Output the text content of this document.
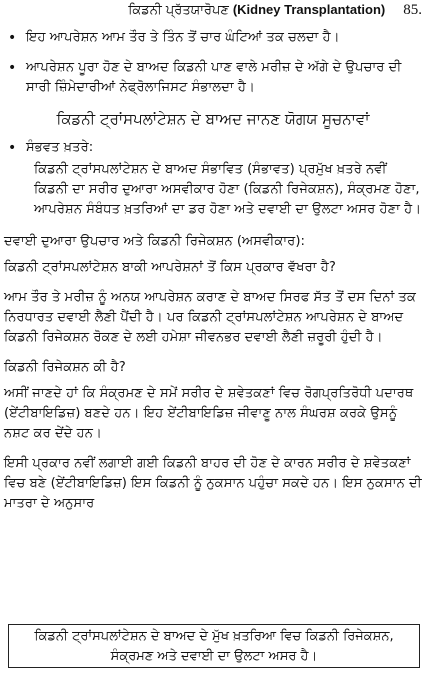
ਕਿਡਨੀ ਪ੍ਰੱਤਯਾਰੋਪਣ (Kidney Transplantation) 85.
• ਇਹ ਆਪਰੇਸ਼ਨ ਆਮ ਤੌਰ ਤੇ ਤਿੰਨ ਤੋਂ ਚਾਰ ਘੰਟਿਆਂ ਤਕ ਚਲਦਾ ਹੈ।
• ਆਪਰੇਸ਼ਨ ਪੂਰਾ ਹੋਣ ਦੇ ਬਾਅਦ ਕਿਡਨੀ ਪਾਣ ਵਾਲੇ ਮਰੀਜ਼ ਦੇ ਅੱਗੇ ਦੇ ਉਪਚਾਰ ਦੀ ਸਾਰੀ ਜ਼ਿੰਮੇਦਾਰੀਆਂ ਨੇਫ੍ਰੋਲਾਜਿਸਟ ਸੰਭਾਲਦਾ ਹੈ।
ਕਿਡਨੀ ਟ੍ਰਾਂਸਪਲਾਂਟੇਸ਼ਨ ਦੇ ਬਾਅਦ ਜਾਨਣ ਯੋਗਯ ਸੂਚਨਾਵਾਂ
• ਸੰਭਵਤ ਖ਼ਤਰੇ:
ਕਿਡਨੀ ਟ੍ਰਾਂਸਪਲਾਂਟੇਸ਼ਨ ਦੇ ਬਾਅਦ ਸੰਭਾਵਿਤ (ਸੰਭਾਵਤ) ਪ੍ਰਮੁੱਖ ਖ਼ਤਰੇ ਨਵੀਂ ਕਿਡਨੀ ਦਾ ਸਰੀਰ ਦੁਆਰਾ ਅਸਵੀਕਾਰ ਹੋਣਾ (ਕਿਡਨੀ ਰਿਜੇਕਸ਼ਨ), ਸੰਕ੍ਰਮਣ ਹੋਣਾ, ਆਪਰੇਸ਼ਨ ਸੰਬੰਧਤ ਖ਼ਤਰਿਆਂ ਦਾ ਡਰ ਹੋਣਾ ਅਤੇ ਦਵਾਈ ਦਾ ਉਲਟਾ ਅਸਰ ਹੋਣਾ ਹੈ।
ਦਵਾਈ ਦੁਆਰਾ ਉਪਚਾਰ ਅਤੇ ਕਿਡਨੀ ਰਿਜੇਕਸ਼ਨ (ਅਸਵੀਕਾਰ):
ਕਿਡਨੀ ਟ੍ਰਾਂਸਪਲਾਂਟੇਸ਼ਨ ਬਾਕੀ ਆਪਰੇਸ਼ਨਾਂ ਤੋਂ ਕਿਸ ਪ੍ਰਕਾਰ ਵੱਖਰਾ ਹੈ?
ਆਮ ਤੌਰ ਤੇ ਮਰੀਜ਼ ਨੂੰ ਅਨਯ ਆਪਰੇਸ਼ਨ ਕਰਾਣ ਦੇ ਬਾਅਦ ਸਿਰਫ ਸੱਤ ਤੋਂ ਦਸ ਦਿਨਾਂ ਤਕ ਨਿਰਧਾਰਤ ਦਵਾਈ ਲੈਣੀ ਪੈਂਦੀ ਹੈ। ਪਰ ਕਿਡਨੀ ਟ੍ਰਾਂਸਪਲਾਂਟੇਸ਼ਨ ਆਪਰੇਸ਼ਨ ਦੇ ਬਾਅਦ ਕਿਡਨੀ ਰਿਜੇਕਸ਼ਨ ਰੋਕਣ ਦੇ ਲਈ ਹਮੇਸ਼ਾ ਜੀਵਨਭਰ ਦਵਾਈ ਲੈਣੀ ਜ਼ਰੂਰੀ ਹੁੰਦੀ ਹੈ।
ਕਿਡਨੀ ਰਿਜੇਕਸ਼ਨ ਕੀ ਹੈ?
ਅਸੀਂ ਜਾਣਦੇ ਹਾਂ ਕਿ ਸੰਕ੍ਰਮਣ ਦੇ ਸਮੇਂ ਸਰੀਰ ਦੇ ਸ਼ਵੇਤਕਣਾਂ ਵਿਚ ਰੋਗਪ੍ਰਤਿਰੋਧੀ ਪਦਾਰਥ (ਏਂਟੀਬਾਇਡਿਜ਼) ਬਣਦੇ ਹਨ। ਇਹ ਏਂਟੀਬਾਇਡਿਜ਼ ਜੀਵਾਣੂ ਨਾਲ ਸੰਘਰਸ਼ ਕਰਕੇ ਉਸਨੂੰ ਨਸ਼ਟ ਕਰ ਦੇਂਦੇ ਹਨ।
ਇਸੀ ਪ੍ਰਕਾਰ ਨਵੀਂ ਲਗਾਈ ਗਈ ਕਿਡਨੀ ਬਾਹਰ ਦੀ ਹੋਣ ਦੇ ਕਾਰਨ ਸਰੀਰ ਦੇ ਸ਼ਵੇਤਕਣਾਂ ਵਿਚ ਬਣੇ (ਏਂਟੀਬਾਇਡਿਜ਼) ਇਸ ਕਿਡਨੀ ਨੂੰ ਨੁਕਸਾਨ ਪਹੁੰਚਾ ਸਕਦੇ ਹਨ। ਇਸ ਨੁਕਸਾਨ ਦੀ ਮਾਤਰਾ ਦੇ ਅਨੁਸਾਰ
ਕਿਡਨੀ ਟ੍ਰਾਂਸਪਲਾਂਟੇਸ਼ਨ ਦੇ ਬਾਅਦ ਦੇ ਮੁੱਖ ਖ਼ਤਰਿਆ ਵਿਚ ਕਿਡਨੀ ਰਿਜੇਕਸ਼ਨ, ਸੰਕ੍ਰਮਣ ਅਤੇ ਦਵਾਈ ਦਾ ਉਲਟਾ ਅਸਰ ਹੈ।
